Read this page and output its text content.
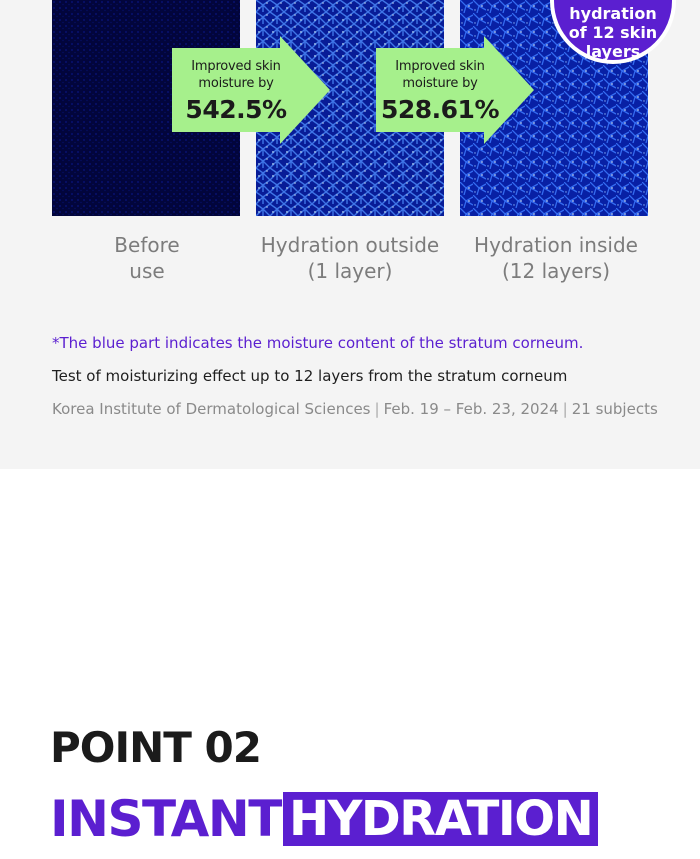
Improved skin
moisture by
542.5%
Improved skin
moisture by
528.61%
hydration
of 12 skin
layers
Before
use
Hydration outside
(1 layer)
Hydration inside
(12 layers)

*The blue part indicates the moisture content of the stratum corneum.

Test of moisturizing effect up to 12 layers from the stratum corneum

Korea Institute of Dermatological Sciences | Feb. 19 – Feb. 23, 2024 | 21 subjects

POINT 02
INSTANT HYDRATION
